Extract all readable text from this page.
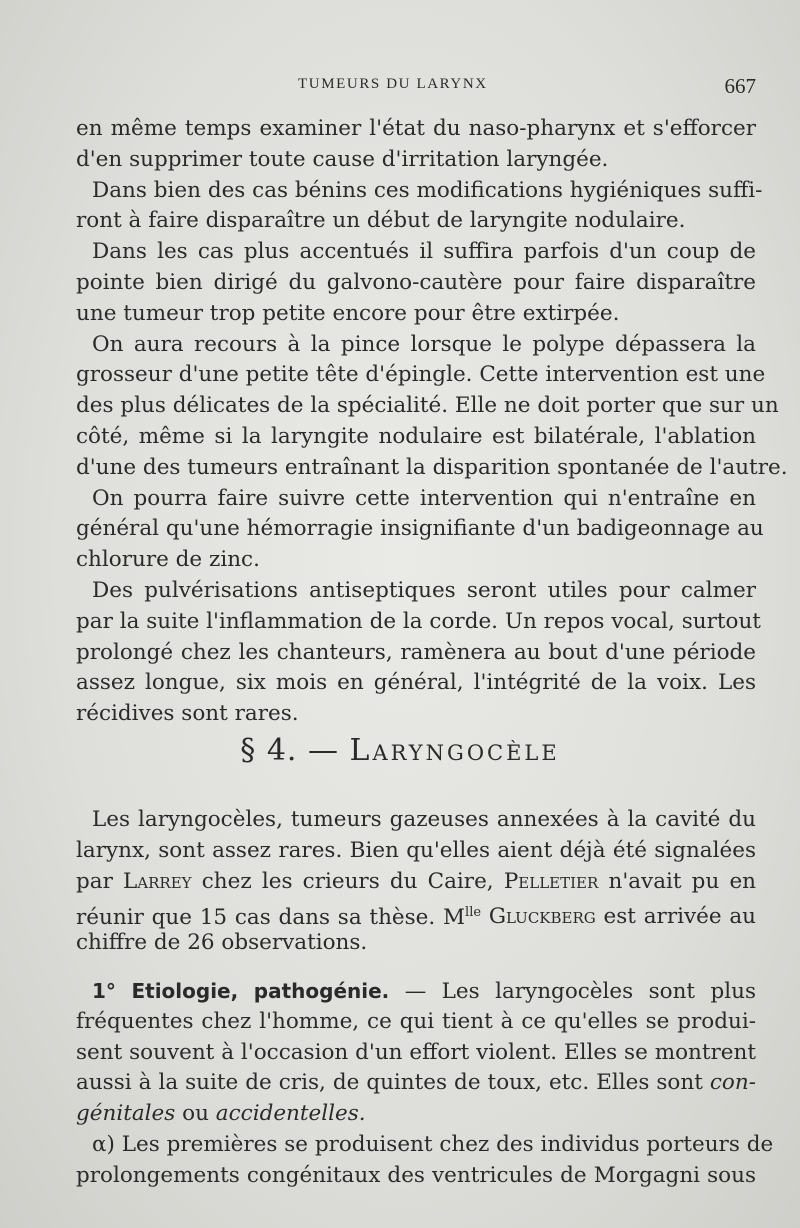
TUMEURS DU LARYNX	667
en même temps examiner l'état du naso-pharynx et s'efforcer
d'en supprimer toute cause d'irritation laryngée.
Dans bien des cas bénins ces modifications hygiéniques suffi-
ront à faire disparaître un début de laryngite nodulaire.
Dans les cas plus accentués il suffira parfois d'un coup de
pointe bien dirigé du galvono-cautère pour faire disparaître
une tumeur trop petite encore pour être extirpée.
On aura recours à la pince lorsque le polype dépassera la
grosseur d'une petite tête d'épingle. Cette intervention est une
des plus délicates de la spécialité. Elle ne doit porter que sur un
côté, même si la laryngite nodulaire est bilatérale, l'ablation
d'une des tumeurs entraînant la disparition spontanée de l'autre.
On pourra faire suivre cette intervention qui n'entraîne en
général qu'une hémorragie insignifiante d'un badigeonnage au
chlorure de zinc.
Des pulvérisations antiseptiques seront utiles pour calmer
par la suite l'inflammation de la corde. Un repos vocal, surtout
prolongé chez les chanteurs, ramènera au bout d'une période
assez longue, six mois en général, l'intégrité de la voix. Les
récidives sont rares.
§ 4. — Laryngocèle
Les laryngocèles, tumeurs gazeuses annexées à la cavité du
larynx, sont assez rares. Bien qu'elles aient déjà été signalées
par Larrey chez les crieurs du Caire, Pelletier n'avait pu en
réunir que 15 cas dans sa thèse. $M^{lle}$ Gluckberg est arrivée au
chiffre de 26 observations.
1° Etiologie, pathogénie. — Les laryngocèles sont plus
fréquentes chez l'homme, ce qui tient à ce qu'elles se produi-
sent souvent à l'occasion d'un effort violent. Elles se montrent
aussi à la suite de cris, de quintes de toux, etc. Elles sont con-
génitales ou accidentelles.
α) Les premières se produisent chez des individus porteurs de
prolongements congénitaux des ventricules de Morgagni sous
